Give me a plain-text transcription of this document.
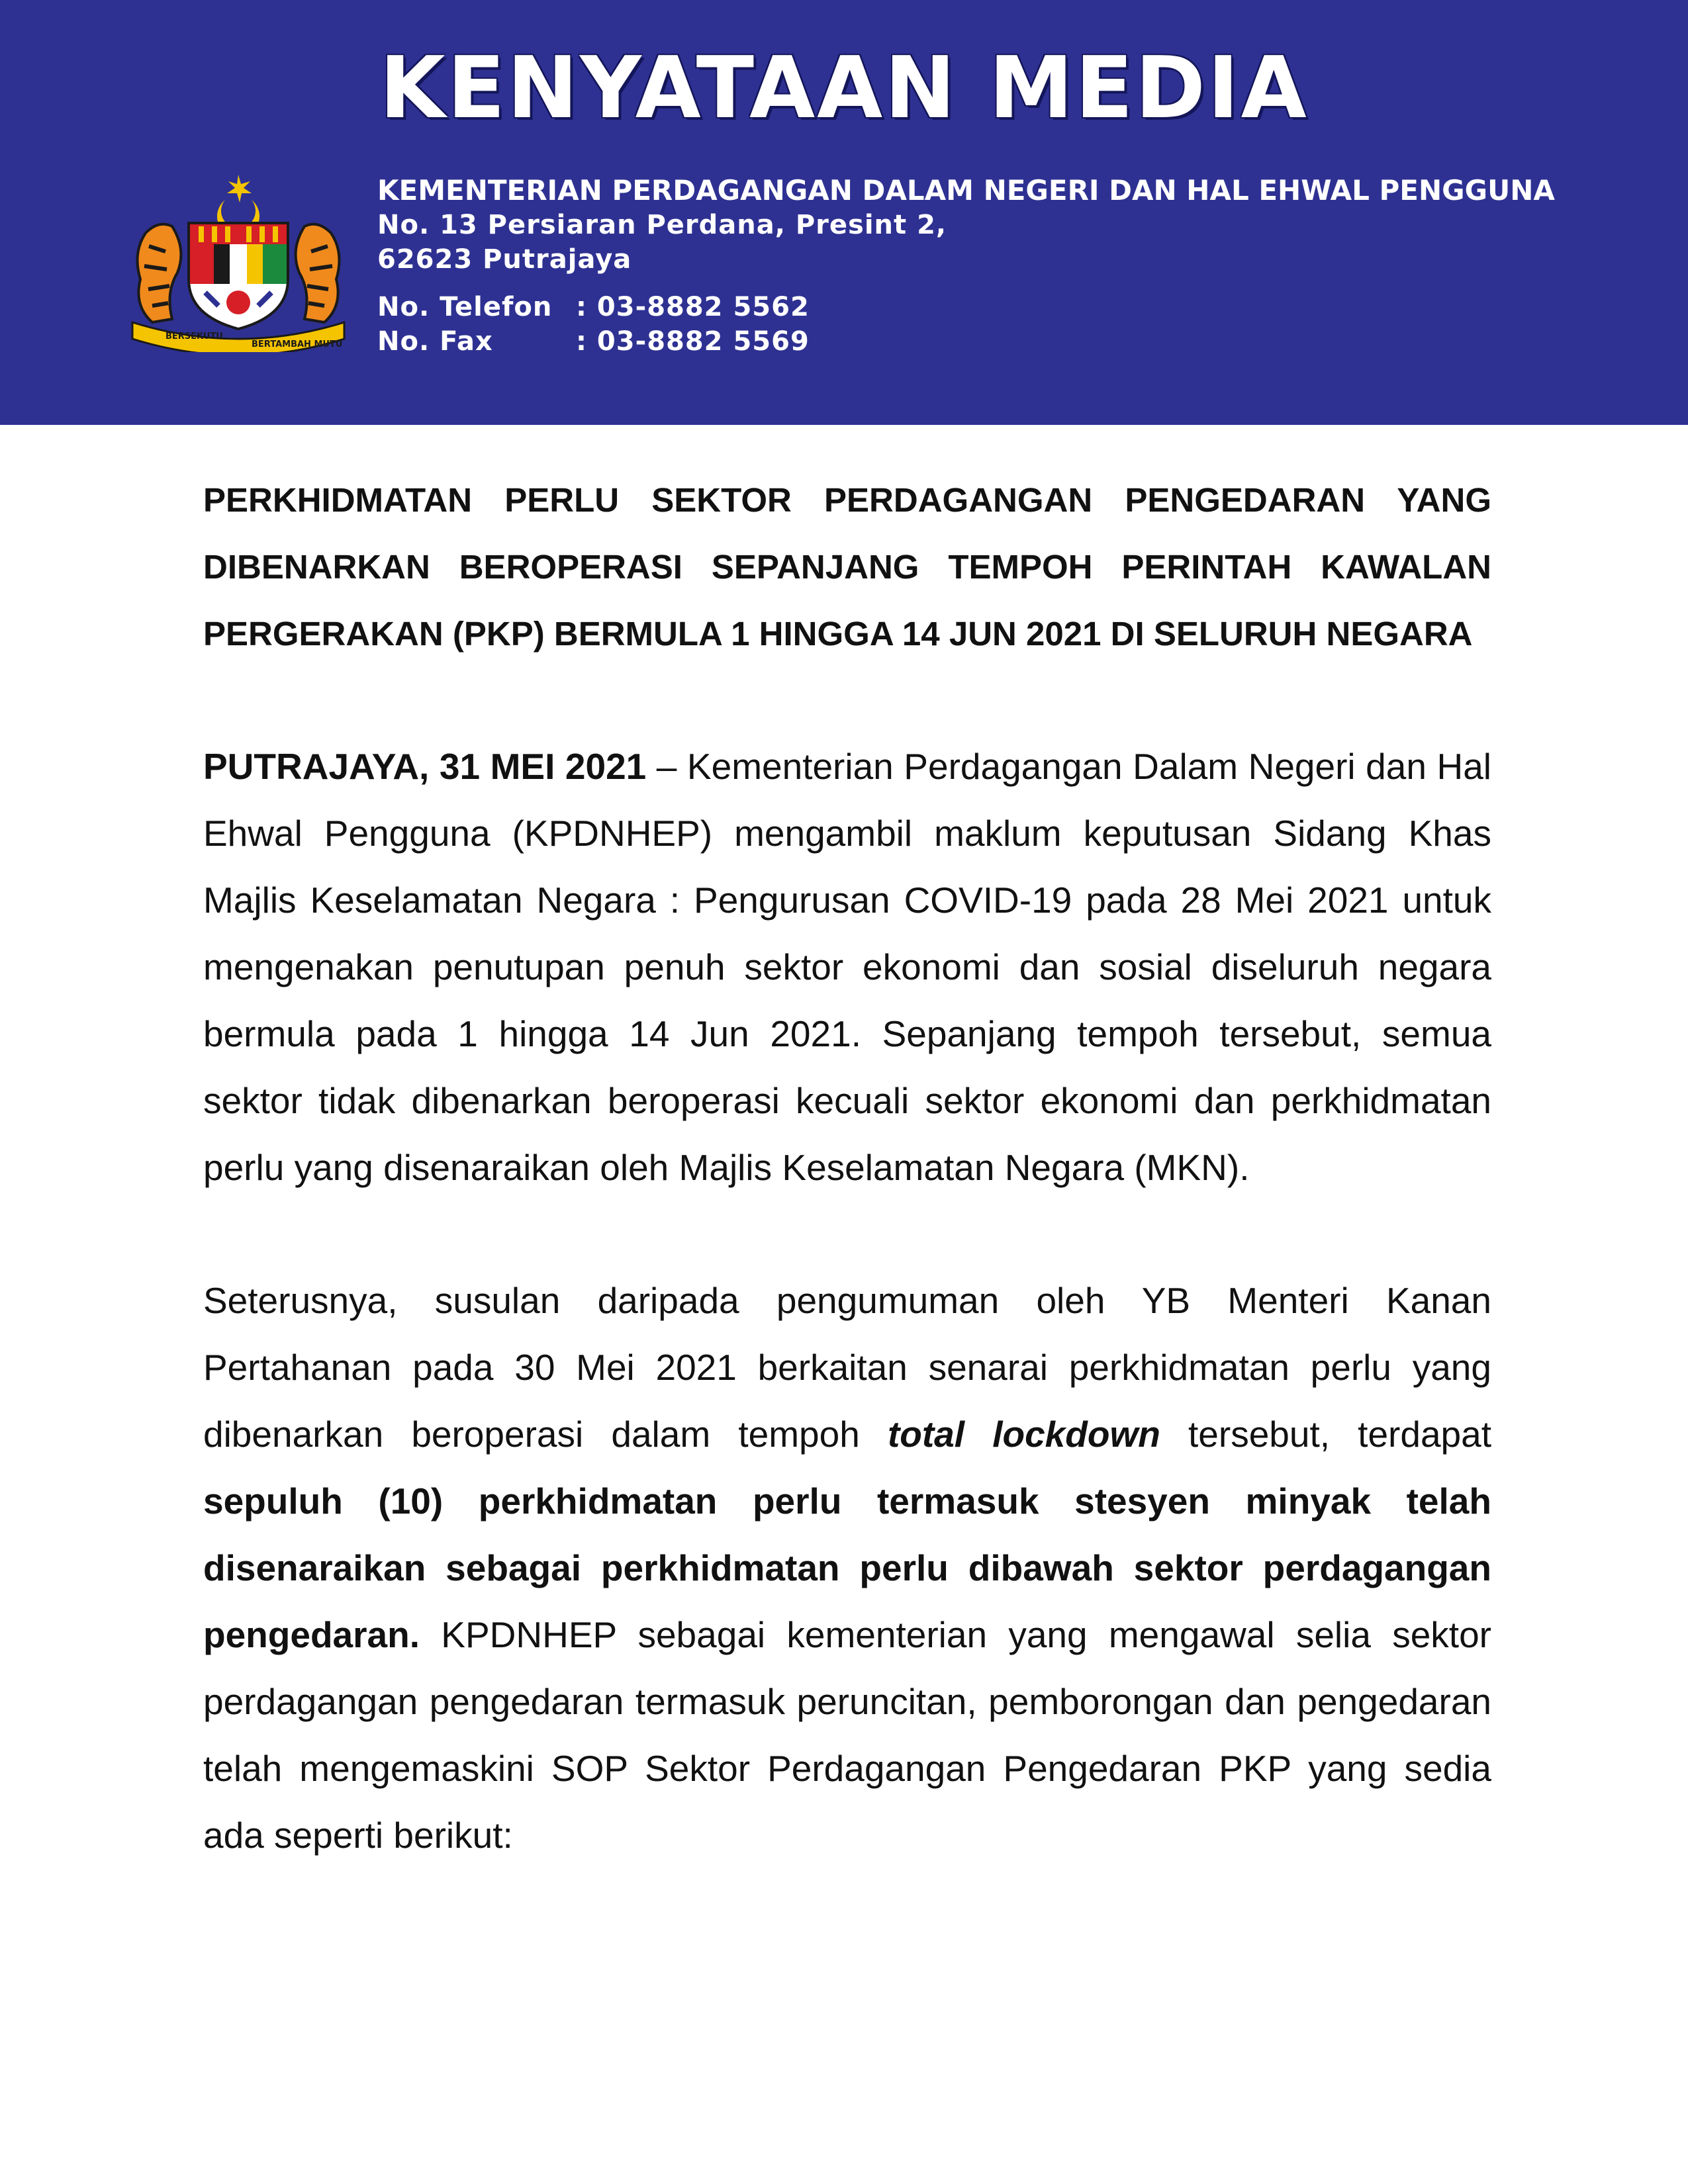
KENYATAAN MEDIA
BERSEKUTU
BERTAMBAH MUTU
KEMENTERIAN PERDAGANGAN DALAM NEGERI DAN HAL EHWAL PENGGUNA
No. 13 Persiaran Perdana, Presint 2,
62623 Putrajaya
No. Telefon : 03-8882 5562
No. Fax	: 03-8882 5569

PERKHIDMATAN PERLU SEKTOR PERDAGANGAN PENGEDARAN YANG DIBENARKAN BEROPERASI SEPANJANG TEMPOH PERINTAH KAWALAN PERGERAKAN (PKP) BERMULA 1 HINGGA 14 JUN 2021 DI SELURUH NEGARA

PUTRAJAYA, 31 MEI 2021 – Kementerian Perdagangan Dalam Negeri dan Hal Ehwal Pengguna (KPDNHEP) mengambil maklum keputusan Sidang Khas Majlis Keselamatan Negara : Pengurusan COVID-19 pada 28 Mei 2021 untuk mengenakan penutupan penuh sektor ekonomi dan sosial diseluruh negara bermula pada 1 hingga 14 Jun 2021. Sepanjang tempoh tersebut, semua sektor tidak dibenarkan beroperasi kecuali sektor ekonomi dan perkhidmatan perlu yang disenaraikan oleh Majlis Keselamatan Negara (MKN).

Seterusnya, susulan daripada pengumuman oleh YB Menteri Kanan Pertahanan pada 30 Mei 2021 berkaitan senarai perkhidmatan perlu yang dibenarkan beroperasi dalam tempoh total lockdown tersebut, terdapat sepuluh (10) perkhidmatan perlu termasuk stesyen minyak telah disenaraikan sebagai perkhidmatan perlu dibawah sektor perdagangan pengedaran. KPDNHEP sebagai kementerian yang mengawal selia sektor perdagangan pengedaran termasuk peruncitan, pemborongan dan pengedaran telah mengemaskini SOP Sektor Perdagangan Pengedaran PKP yang sedia ada seperti berikut:
